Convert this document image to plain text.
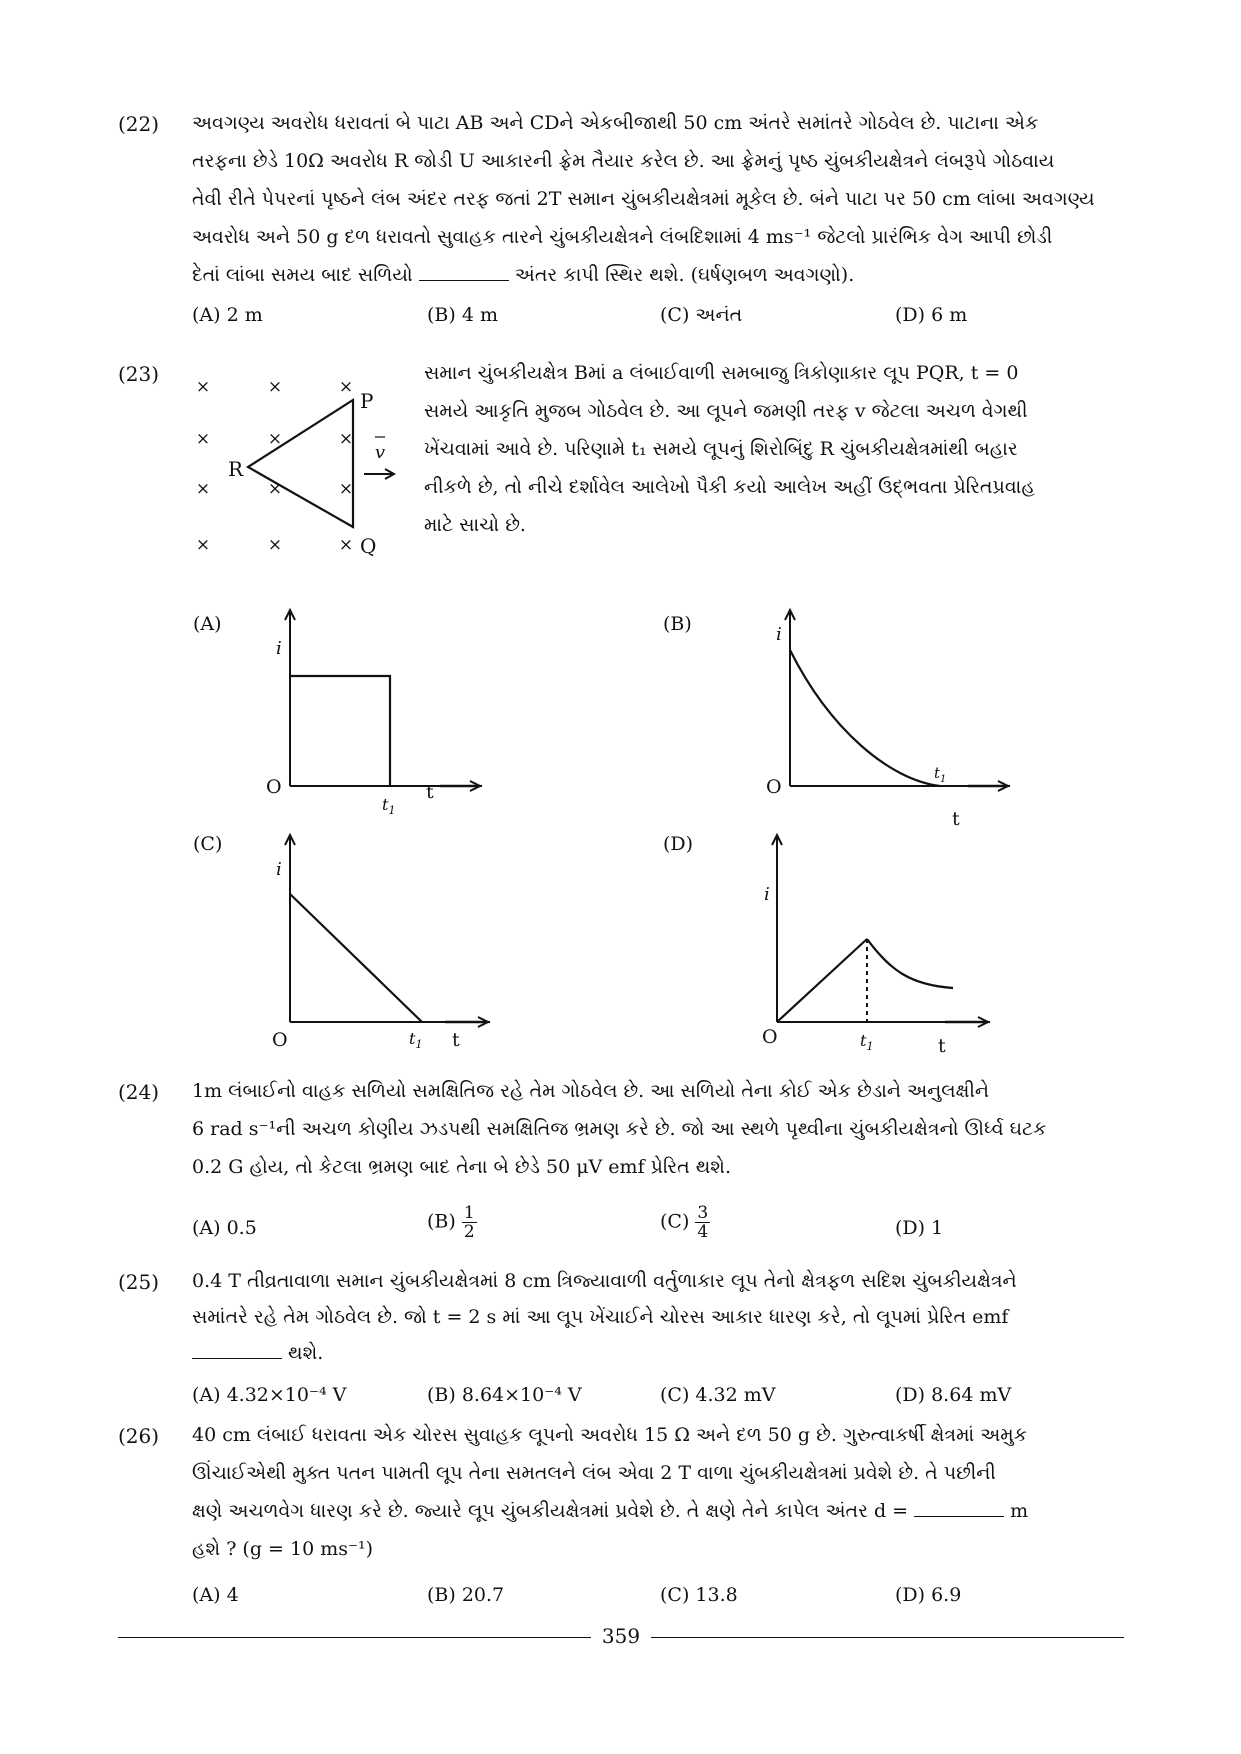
(22) અવગણ્ય અવરોધ ધરાવતાં બે પાટા AB અને CDને એકબીજાથી 50 cm અંતરે સમાંતરે ગોઠવેલ છે. પાટાના એક
તરફના છેડે 10Ω અવરોધ R જોડી U આકારની ફ્રેમ તૈયાર કરેલ છે. આ ફ્રેમનું પૃષ્ઠ ચુંબકીયક્ષેત્રને લંબરૂપે ગોઠવાય
તેવી રીતે પેપરનાં પૃષ્ઠને લંબ અંદર તરફ જતાં 2T સમાન ચુંબકીયક્ષેત્રમાં મૂકેલ છે. બંને પાટા પર 50 cm લાંબા અવગણ્ય
અવરોધ અને 50 g દળ ધરાવતો સુવાહક તારને ચુંબકીયક્ષેત્રને લંબદિશામાં 4 ms⁻¹ જેટલો પ્રારંભિક વેગ આપી છોડી
દેતાં લાંબા સમય બાદ સળિયો	અંતર કાપી સ્થિર થશે. (ઘર્ષણબળ અવગણો).
(A) 2 m	(B) 4 m	(C) અનંત	(D) 6 m
(23)
×	×	×
×	×	×
×	×
×
×	×	×
P
Q
R
v
સમાન ચુંબકીયક્ષેત્ર Bમાં a લંબાઈવાળી સમબાજુ ત્રિકોણાકાર લૂપ PQR, t = 0
સમયે આકૃતિ મુજબ ગોઠવેલ છે. આ લૂપને જમણી તરફ v જેટલા અચળ વેગથી
ખેંચવામાં આવે છે. પરિણામે t₁ સમયે લૂપનું શિરોબિંદુ R ચુંબકીયક્ષેત્રમાંથી બહાર
નીકળે છે, તો નીચે દર્શાવેલ આલેખો પૈકી કયો આલેખ અહીં ઉદ્ભવતા પ્રેરિતપ્રવાહ
માટે સાચો છે.
(A)
i
O	t
$t_1$
(B)	i
O
t
$t_1$
(C)
i
O	t
$t_1$
(D)
i
O	t
$t_1$
(24) 1m લંબાઈનો વાહક સળિયો સમક્ષિતિજ રહે તેમ ગોઠવેલ છે. આ સળિયો તેના કોઈ એક છેડાને અનુલક્ષીને
6 rad s⁻¹ની અચળ કોણીય ઝડપથી સમક્ષિતિજ ભ્રમણ કરે છે. જો આ સ્થળે પૃથ્વીના ચુંબકીયક્ષેત્રનો ઊર્ધ્વ ઘટક
0.2 G હોય, તો કેટલા ભ્રમણ બાદ તેના બે છેડે 50 μV emf પ્રેરિત થશે.
(A) 0.5	$(B) \frac{1}{2}$	$(C) \frac{3}{4}$	(D) 1
(25) 0.4 T તીવ્રતાવાળા સમાન ચુંબકીયક્ષેત્રમાં 8 cm ત્રિજ્યાવાળી વર્તુળાકાર લૂપ તેનો ક્ષેત્રફળ સદિશ ચુંબકીયક્ષેત્રને
સમાંતરે રહે તેમ ગોઠવેલ છે. જો t = 2 s માં આ લૂપ ખેંચાઈને ચોરસ આકાર ધારણ કરે, તો લૂપમાં પ્રેરિત emf
થશે.
(A) 4.32×10⁻⁴ V	(B) 8.64×10⁻⁴ V	(C) 4.32 mV	(D) 8.64 mV
(26) 40 cm લંબાઈ ધરાવતા એક ચોરસ સુવાહક લૂપનો અવરોધ 15 Ω અને દળ 50 g છે. ગુરુત્વાકર્ષી ક્ષેત્રમાં અમુક
ઊંચાઈએથી મુક્ત પતન પામતી લૂપ તેના સમતલને લંબ એવા 2 T વાળા ચુંબકીયક્ષેત્રમાં પ્રવેશે છે. તે પછીની
ક્ષણે અચળવેગ ધારણ કરે છે. જ્યારે લૂપ ચુંબકીયક્ષેત્રમાં પ્રવેશે છે. તે ક્ષણે તેને કાપેલ અંતર d =	m
હશે ? (g = 10 ms⁻¹)
(A) 4	(B) 20.7	(C) 13.8	(D) 6.9
359
